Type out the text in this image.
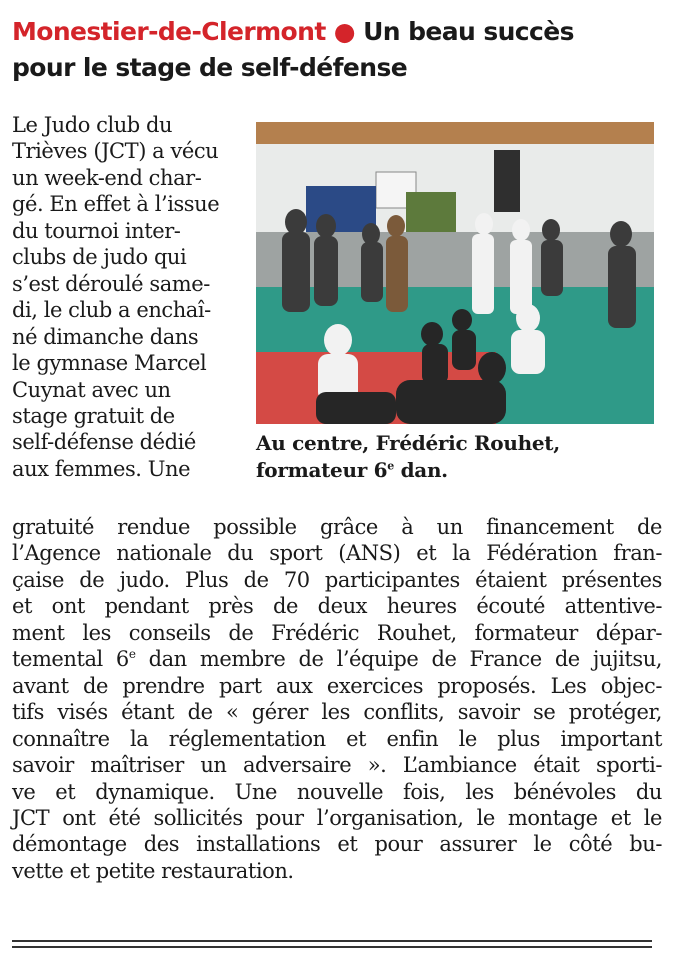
Monestier-de-Clermont ● Un beau succès
pour le stage de self-défense
Le Judo club du
Trièves (JCT) a vécu
un week-end char-
gé. En effet à l’issue
du tournoi inter-
clubs de judo qui
s’est déroulé same-
di, le club a enchaî-
né dimanche dans
le gymnase Marcel
Cuynat avec un
stage gratuit de
self-défense dédié
aux femmes. Une

Au centre, Frédéric Rouhet,
formateur 6e dan.

gratuité rendue possible grâce à un financement de
l’Agence nationale du sport (ANS) et la Fédération fran-
çaise de judo. Plus de 70 participantes étaient présentes
et ont pendant près de deux heures écouté attentive-
ment les conseils de Frédéric Rouhet, formateur dépar-
temental 6e dan membre de l’équipe de France de jujitsu,
avant de prendre part aux exercices proposés. Les objec-
tifs visés étant de « gérer les conflits, savoir se protéger,
connaître la réglementation et enfin le plus important
savoir maîtriser un adversaire ». L’ambiance était sporti-
ve et dynamique. Une nouvelle fois, les bénévoles du
JCT ont été sollicités pour l’organisation, le montage et le
démontage des installations et pour assurer le côté bu-
vette et petite restauration.
